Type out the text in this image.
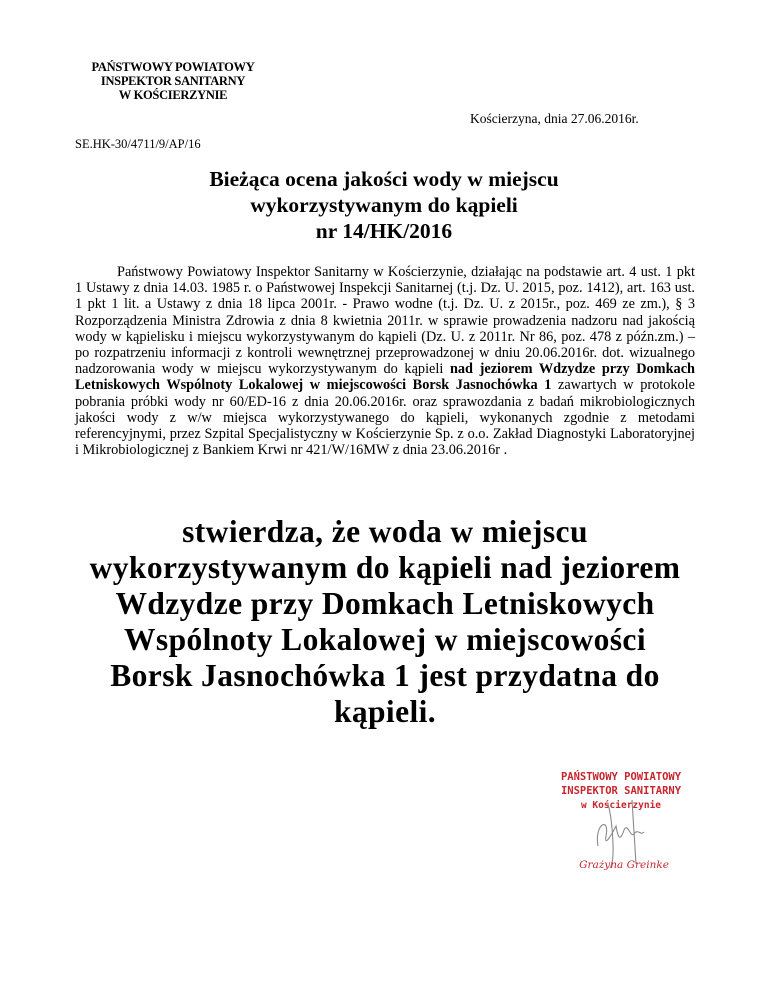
PAŃSTWOWY POWIATOWY
INSPEKTOR SANITARNY
W KOŚCIERZYNIE
Kościerzyna, dnia 27.06.2016r.
SE.HK-30/4711/9/AP/16
Bieżąca ocena jakości wody w miejscu
wykorzystywanym do kąpieli
nr 14/HK/2016

Państwowy Powiatowy Inspektor Sanitarny w Kościerzynie, działając na podstawie art. 4 ust. 1 pkt 1 Ustawy z dnia 14.03. 1985 r. o Państwowej Inspekcji Sanitarnej (t.j. Dz. U. 2015, poz. 1412), art. 163 ust. 1 pkt 1 lit. a Ustawy z dnia 18 lipca 2001r. - Prawo wodne (t.j. Dz. U. z 2015r., poz. 469 ze zm.), § 3 Rozporządzenia Ministra Zdrowia z dnia 8 kwietnia 2011r. w sprawie prowadzenia nadzoru nad jakością wody w kąpielisku i miejscu wykorzystywanym do kąpieli (Dz. U. z 2011r. Nr 86, poz. 478 z późn.zm.) – po rozpatrzeniu informacji z kontroli wewnętrznej przeprowadzonej w dniu 20.06.2016r. dot. wizualnego nadzorowania wody w miejscu wykorzystywanym do kąpieli nad jeziorem Wdzydze przy Domkach Letniskowych Wspólnoty Lokalowej w miejscowości Borsk Jasnochówka 1 zawartych w protokole pobrania próbki wody nr 60/ED-16 z dnia 20.06.2016r. oraz sprawozdania z badań mikrobiologicznych jakości wody z w/w miejsca wykorzystywanego do kąpieli, wykonanych zgodnie z metodami referencyjnymi, przez Szpital Specjalistyczny w Kościerzynie Sp. z o.o. Zakład Diagnostyki Laboratoryjnej i Mikrobiologicznej z Bankiem Krwi nr 421/W/16MW z dnia 23.06.2016r .

stwierdza, że woda w miejscu
wykorzystywanym do kąpieli nad jeziorem
Wdzydze przy Domkach Letniskowych
Wspólnoty Lokalowej w miejscowości
Borsk Jasnochówka 1 jest przydatna do
kąpieli.
PAŃSTWOWY POWIATOWY
INSPEKTOR SANITARNY
w Kościerzynie
Grażyna Greinke
